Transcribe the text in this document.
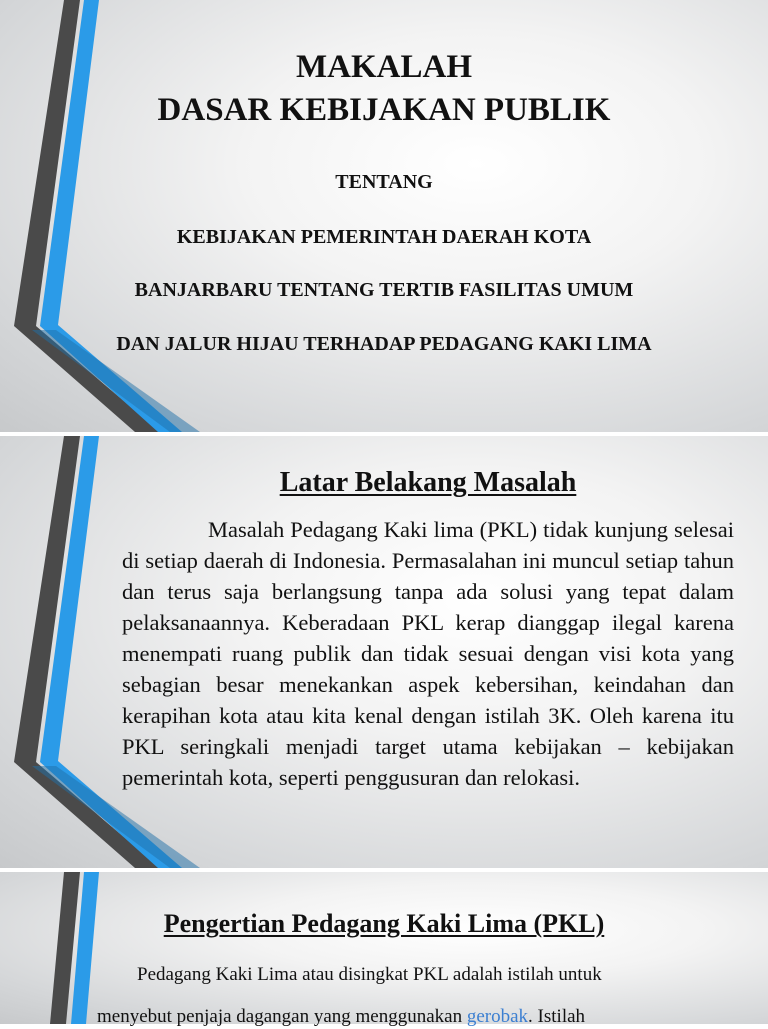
MAKALAH
DASAR KEBIJAKAN PUBLIK
TENTANG
KEBIJAKAN PEMERINTAH DAERAH KOTA
BANJARBARU TENTANG TERTIB FASILITAS UMUM
DAN JALUR HIJAU TERHADAP PEDAGANG KAKI LIMA
Latar Belakang Masalah
Masalah Pedagang Kaki lima (PKL) tidak kunjung selesai di setiap daerah di Indonesia. Permasalahan ini muncul setiap tahun dan terus saja berlangsung tanpa ada solusi yang tepat dalam pelaksanaannya. Keberadaan PKL kerap dianggap ilegal karena menempati ruang publik dan tidak sesuai dengan visi kota yang sebagian besar menekankan aspek kebersihan, keindahan dan kerapihan kota atau kita kenal dengan istilah 3K. Oleh karena itu PKL seringkali menjadi target utama kebijakan – kebijakan pemerintah kota, seperti penggusuran dan relokasi.
Pengertian Pedagang Kaki Lima (PKL)
Pedagang Kaki Lima atau disingkat PKL adalah istilah untuk
menyebut penjaja dagangan yang menggunakan gerobak. Istilah
